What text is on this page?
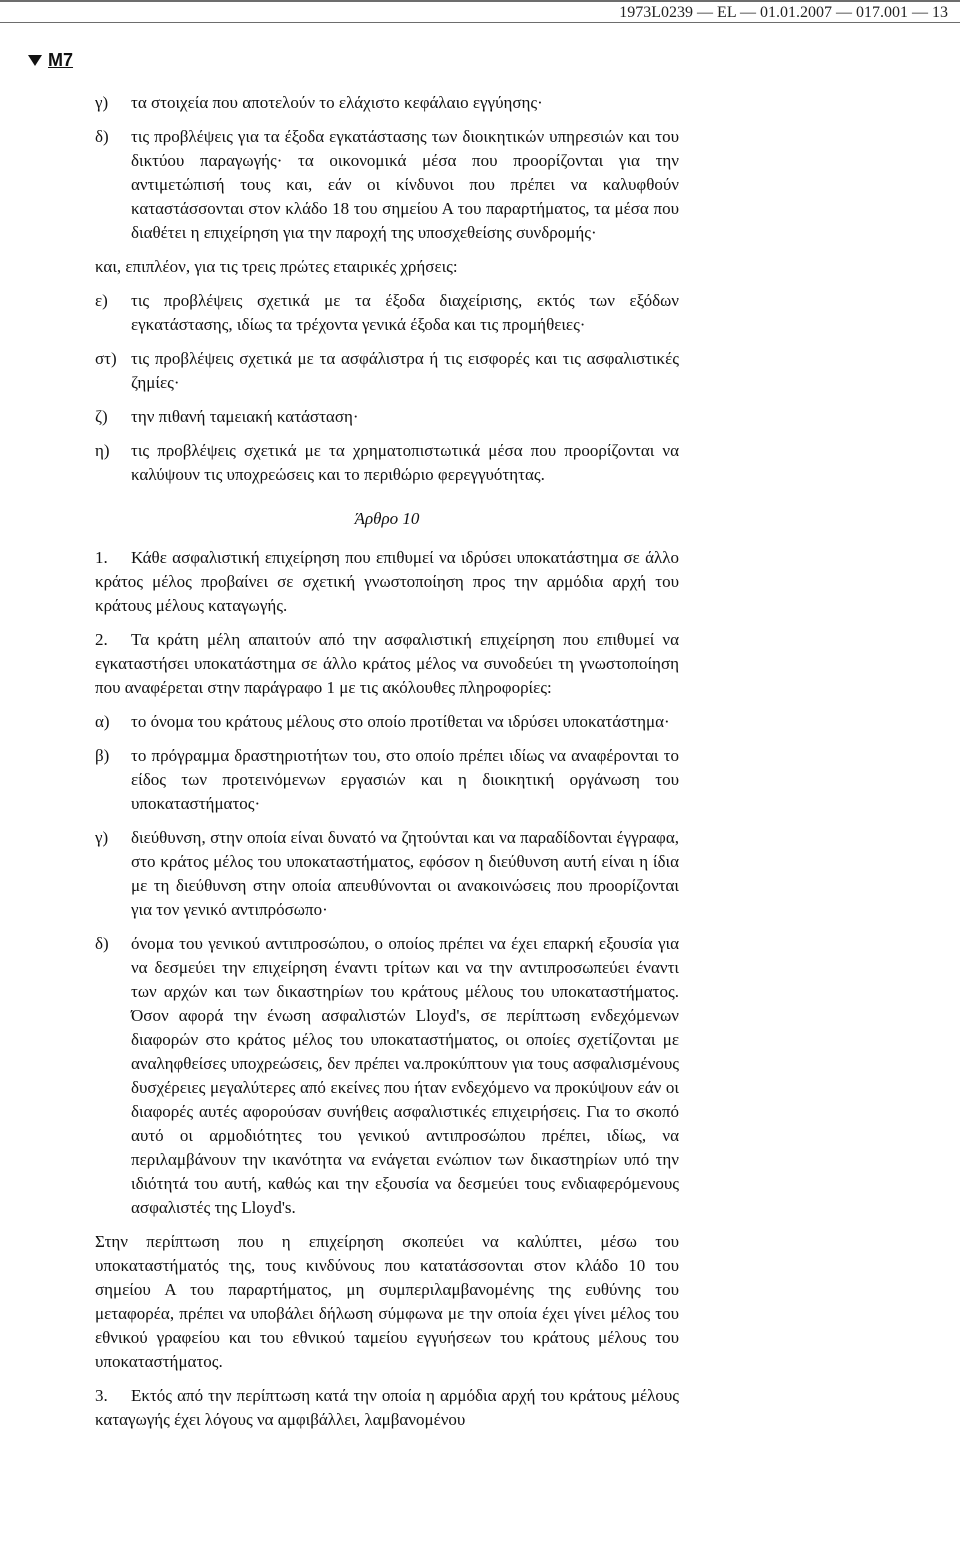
1973L0239 — EL — 01.01.2007 — 017.001 — 13
M7
γ)	τα στοιχεία που αποτελούν το ελάχιστο κεφάλαιο εγγύησης·
δ)	τις προβλέψεις για τα έξοδα εγκατάστασης των διοικητικών υπηρεσιών και του δικτύου παραγωγής· τα οικονομικά μέσα που προορίζονται για την αντιμετώπισή τους και, εάν οι κίνδυνοι που πρέπει να καλυφθούν καταστάσσονται στον κλάδο 18 του σημείου Α του παραρτήματος, τα μέσα που διαθέτει η επιχείρηση για την παροχή της υποσχεθείσης συνδρομής·

και, επιπλέον, για τις τρεις πρώτες εταιρικές χρήσεις:

ε)	τις προβλέψεις σχετικά με τα έξοδα διαχείρισης, εκτός των εξόδων εγκατάστασης, ιδίως τα τρέχοντα γενικά έξοδα και τις προμήθειες·
στ) τις προβλέψεις σχετικά με τα ασφάλιστρα ή τις εισφορές και τις ασφαλιστικές ζημίες·
ζ)	την πιθανή ταμειακή κατάσταση·
η)	τις προβλέψεις σχετικά με τα χρηματοπιστωτικά μέσα που προορίζονται να καλύψουν τις υποχρεώσεις και το περιθώριο φερεγγυότητας.
Άρθρο 10

1. Κάθε ασφαλιστική επιχείρηση που επιθυμεί να ιδρύσει υποκατάστημα σε άλλο κράτος μέλος προβαίνει σε σχετική γνωστοποίηση προς την αρμόδια αρχή του κράτους μέλους καταγωγής.

2. Τα κράτη μέλη απαιτούν από την ασφαλιστική επιχείρηση που επιθυμεί να εγκαταστήσει υποκατάστημα σε άλλο κράτος μέλος να συνοδεύει τη γνωστοποίηση που αναφέρεται στην παράγραφο 1 με τις ακόλουθες πληροφορίες:

α)	το όνομα του κράτους μέλους στο οποίο προτίθεται να ιδρύσει υποκατάστημα·
β)	το πρόγραμμα δραστηριοτήτων του, στο οποίο πρέπει ιδίως να αναφέρονται το είδος των προτεινόμενων εργασιών και η διοικητική οργάνωση του υποκαταστήματος·
γ)	διεύθυνση, στην οποία είναι δυνατό να ζητούνται και να παραδίδονται έγγραφα, στο κράτος μέλος του υποκαταστήματος, εφόσον η διεύθυνση αυτή είναι η ίδια με τη διεύθυνση στην οποία απευθύνονται οι ανακοινώσεις που προορίζονται για τον γενικό αντιπρόσωπο·
δ)	όνομα του γενικού αντιπροσώπου, ο οποίος πρέπει να έχει επαρκή εξουσία για να δεσμεύει την επιχείρηση έναντι τρίτων και να την αντιπροσωπεύει έναντι των αρχών και των δικαστηρίων του κράτους μέλους του υποκαταστήματος. Όσον αφορά την ένωση ασφαλιστών Lloyd's, σε περίπτωση ενδεχόμενων διαφορών στο κράτος μέλος του υποκαταστήματος, οι οποίες σχετίζονται με αναληφθείσες υποχρεώσεις, δεν πρέπει να.προκύπτουν για τους ασφαλισμένους δυσχέρειες μεγαλύτερες από εκείνες που ήταν ενδεχόμενο να προκύψουν εάν οι διαφορές αυτές αφορούσαν συνήθεις ασφαλιστικές επιχειρήσεις. Για το σκοπό αυτό οι αρμοδιότητες του γενικού αντιπροσώπου πρέπει, ιδίως, να περιλαμβάνουν την ικανότητα να ενάγεται ενώπιον των δικαστηρίων υπό την ιδιότητά του αυτή, καθώς και την εξουσία να δεσμεύει τους ενδιαφερόμενους ασφαλιστές της Lloyd's.

Στην περίπτωση που η επιχείρηση σκοπεύει να καλύπτει, μέσω του υποκαταστήματός της, τους κινδύνους που κατατάσσονται στον κλάδο 10 του σημείου Α του παραρτήματος, μη συμπεριλαμβανομένης της ευθύνης του μεταφορέα, πρέπει να υποβάλει δήλωση σύμφωνα με την οποία έχει γίνει μέλος του εθνικού γραφείου και του εθνικού ταμείου εγγυήσεων του κράτους μέλους του υποκαταστήματος.

3. Εκτός από την περίπτωση κατά την οποία η αρμόδια αρχή του κράτους μέλους καταγωγής έχει λόγους να αμφιβάλλει, λαμβανομένου
